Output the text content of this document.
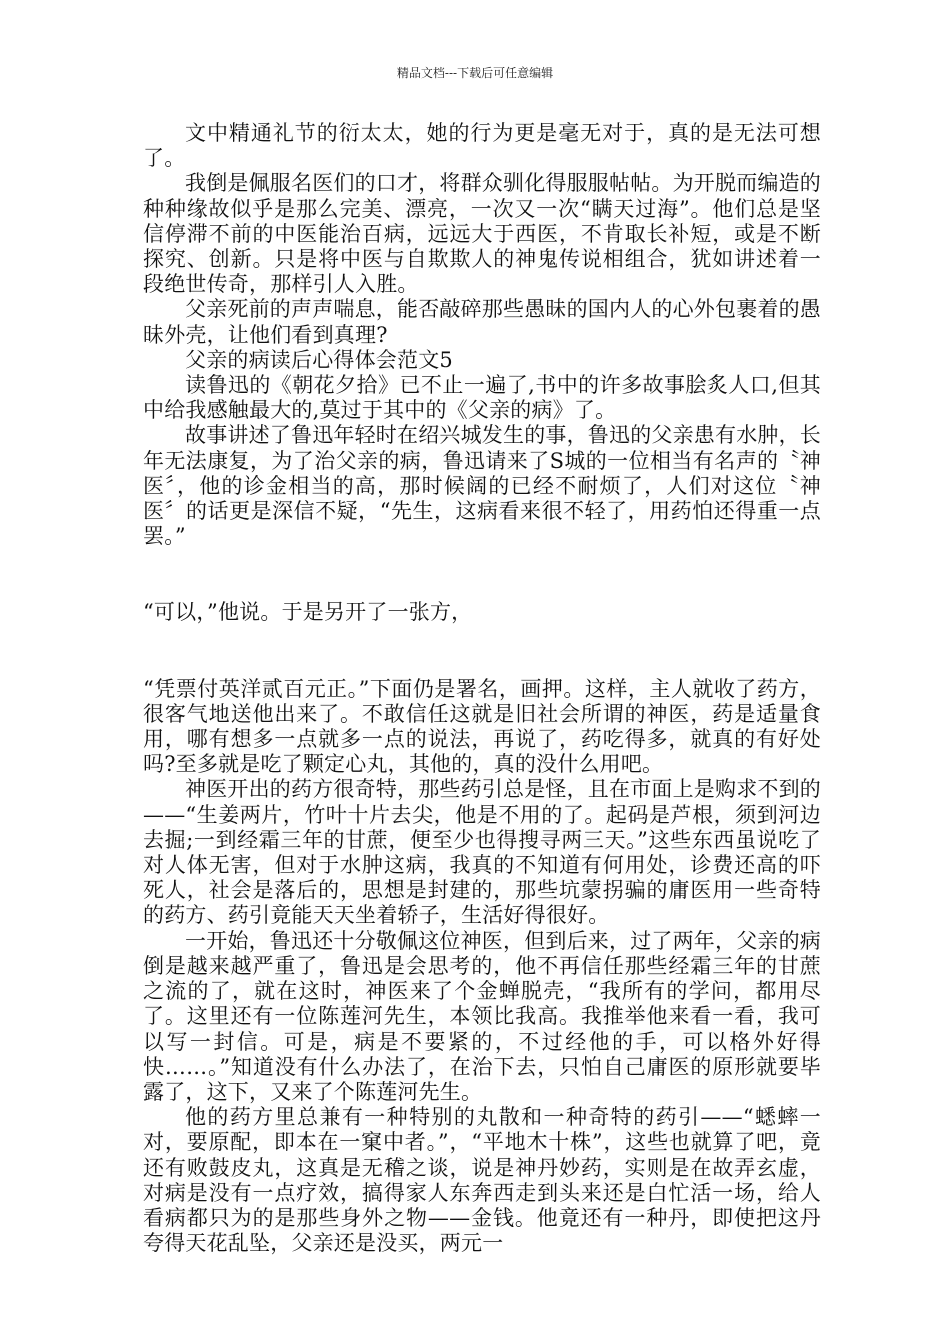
精品文档---下载后可任意编辑

文中精通礼节的衍太太，她的行为更是毫无对于，真的是无法可想了。

我倒是佩服名医们的口才，将群众驯化得服服帖帖。为开脱而编造的种种缘故似乎是那么完美、漂亮，一次又一次“瞒天过海”。他们总是坚信停滞不前的中医能治百病，远远大于西医，不肯取长补短，或是不断探究、创新。只是将中医与自欺欺人的神鬼传说相组合，犹如讲述着一段绝世传奇，那样引人入胜。

父亲死前的声声喘息，能否敲碎那些愚昧的国内人的心外包裹着的愚昧外壳，让他们看到真理?

父亲的病读后心得体会范文5

读鲁迅的《朝花夕拾》已不止一遍了,书中的许多故事脍炙人口,但其中给我感触最大的,莫过于其中的《父亲的病》了。

故事讲述了鲁迅年轻时在绍兴城发生的事，鲁迅的父亲患有水肿，长年无法康复，为了治父亲的病，鲁迅请来了S城的一位相当有名声的〝神医〞，他的诊金相当的高，那时候阔的已经不耐烦了，人们对这位〝神医〞的话更是深信不疑，“先生，这病看来很不轻了，用药怕还得重一点罢。”

“可以，”他说。于是另开了一张方，

“凭票付英洋贰百元正。”下面仍是署名，画押。这样，主人就收了药方，很客气地送他出来了。不敢信任这就是旧社会所谓的神医，药是适量食用，哪有想多一点就多一点的说法，再说了，药吃得多，就真的有好处吗?至多就是吃了颗定心丸，其他的，真的没什么用吧。

神医开出的药方很奇特，那些药引总是怪，且在市面上是购求不到的——“生姜两片，竹叶十片去尖，他是不用的了。起码是芦根，须到河边去掘;一到经霜三年的甘蔗，便至少也得搜寻两三天。”这些东西虽说吃了对人体无害，但对于水肿这病，我真的不知道有何用处，诊费还高的吓死人，社会是落后的，思想是封建的，那些坑蒙拐骗的庸医用一些奇特的药方、药引竟能天天坐着轿子，生活好得很好。

一开始，鲁迅还十分敬佩这位神医，但到后来，过了两年，父亲的病倒是越来越严重了，鲁迅是会思考的，他不再信任那些经霜三年的甘蔗之流的了，就在这时，神医来了个金蝉脱壳，“我所有的学问，都用尽了。这里还有一位陈莲河先生，本领比我高。我推举他来看一看，我可以写一封信。可是，病是不要紧的，不过经他的手，可以格外好得快……。”知道没有什么办法了，在治下去，只怕自己庸医的原形就要毕露了，这下，又来了个陈莲河先生。

他的药方里总兼有一种特别的丸散和一种奇特的药引——“蟋蟀一对，要原配，即本在一窠中者。”，“平地木十株”，这些也就算了吧，竟还有败鼓皮丸，这真是无稽之谈，说是神丹妙药，实则是在故弄玄虚，对病是没有一点疗效，搞得家人东奔西走到头来还是白忙活一场，给人看病都只为的是那些身外之物——金钱。他竟还有一种丹，即使把这丹夸得天花乱坠，父亲还是没买，两元一
